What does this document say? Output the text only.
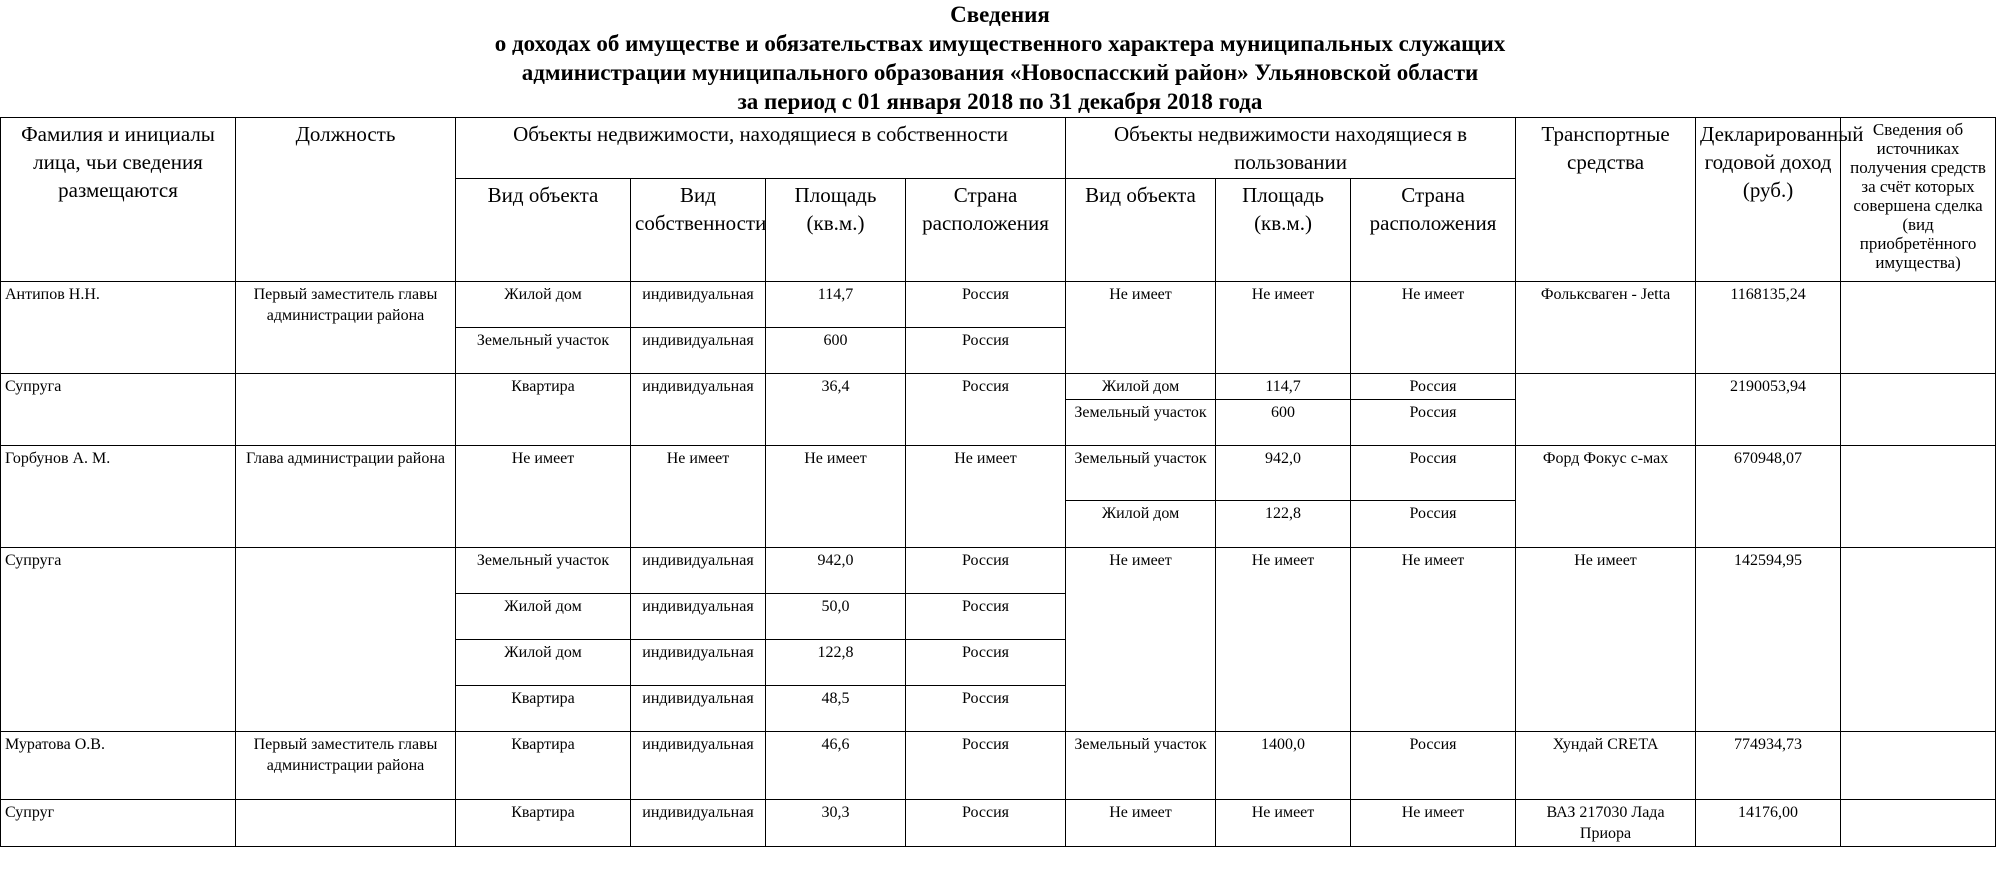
Сведения

о доходах об имуществе и обязательствах имущественного характера муниципальных служащих

администрации муниципального образования «Новоспасский район» Ульяновской области

за период с 01 января 2018 по 31 декабря 2018 года

Фамилия и инициалы лица, чьи сведения размещаются	Должность	Объекты недвижимости, находящиеся в собственности				Объекты недвижимости находящиеся в пользовании			Транспортные средства	Декларированный годовой доход (руб.)	Сведения об источниках получения средств за счёт которых совершена сделка (вид приобретённого имущества)
		Вид объекта	Вид собственности	Площадь (кв.м.)	Страна расположения	Вид объекта	Площадь (кв.м.)	Страна расположения			
Антипов Н.Н.	Первый заместитель главы администрации района	Жилой дом	индивидуальная	114,7	Россия	Не имеет	Не имеет	Не имеет	Фольксваген - Jetta	1168135,24	
		Земельный участок	индивидуальная	600	Россия						
Супруга		Квартира	индивидуальная	36,4	Россия	Жилой дом	114,7	Россия		2190053,94	
						Земельный участок	600	Россия			
Горбунов А. М.	Глава администрации района	Не имеет	Не имеет	Не имеет	Не имеет	Земельный участок	942,0	Россия	Форд Фокус с-мах	670948,07	
						Жилой дом	122,8	Россия			
Супруга		Земельный участок	индивидуальная	942,0	Россия	Не имеет	Не имеет	Не имеет	Не имеет	142594,95	
		Жилой дом	индивидуальная	50,0	Россия						
		Жилой дом	индивидуальная	122,8	Россия						
		Квартира	индивидуальная	48,5	Россия						
Муратова О.В.	Первый заместитель главы администрации района	Квартира	индивидуальная	46,6	Россия	Земельный участок	1400,0	Россия	Хундай CRETA	774934,73	
Супруг		Квартира	индивидуальная	30,3	Россия	Не имеет	Не имеет	Не имеет	ВАЗ 217030 Лада Приора	14176,00	
